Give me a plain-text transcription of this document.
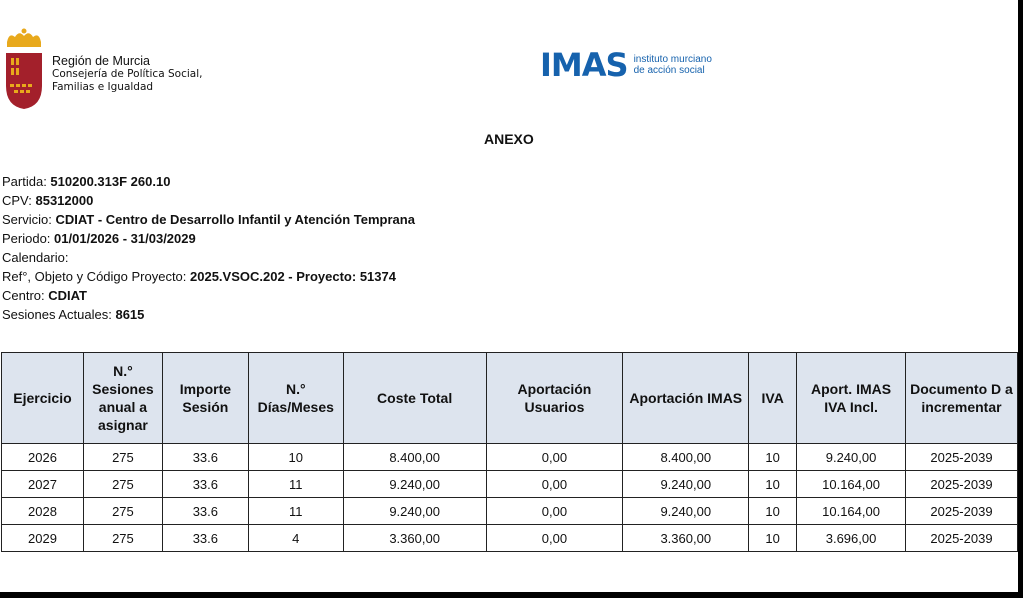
Región de Murcia
Consejería de Política Social,
Familias e Igualdad
IMAS instituto murciano
de acción social
ANEXO
Partida: 510200.313F 260.10
CPV: 85312000
Servicio: CDIAT - Centro de Desarrollo Infantil y Atención Temprana
Periodo: 01/01/2026 - 31/03/2029
Calendario:
Ref°, Objeto y Código Proyecto: 2025.VSOC.202 - Proyecto: 51374
Centro: CDIAT
Sesiones Actuales: 8615
Ejercicio	N.° Sesiones anual a asignar	Importe Sesión	N.° Días/Meses	Coste Total	Aportación Usuarios	Aportación IMAS	IVA	Aport. IMAS IVA Incl.	Documento D a incrementar
2026	275	33.6	10	8.400,00	0,00	8.400,00	10	9.240,00	2025-2039
2027	275	33.6	11	9.240,00	0,00	9.240,00	10	10.164,00	2025-2039
2028	275	33.6	11	9.240,00	0,00	9.240,00	10	10.164,00	2025-2039
2029	275	33.6	4	3.360,00	0,00	3.360,00	10	3.696,00	2025-2039
